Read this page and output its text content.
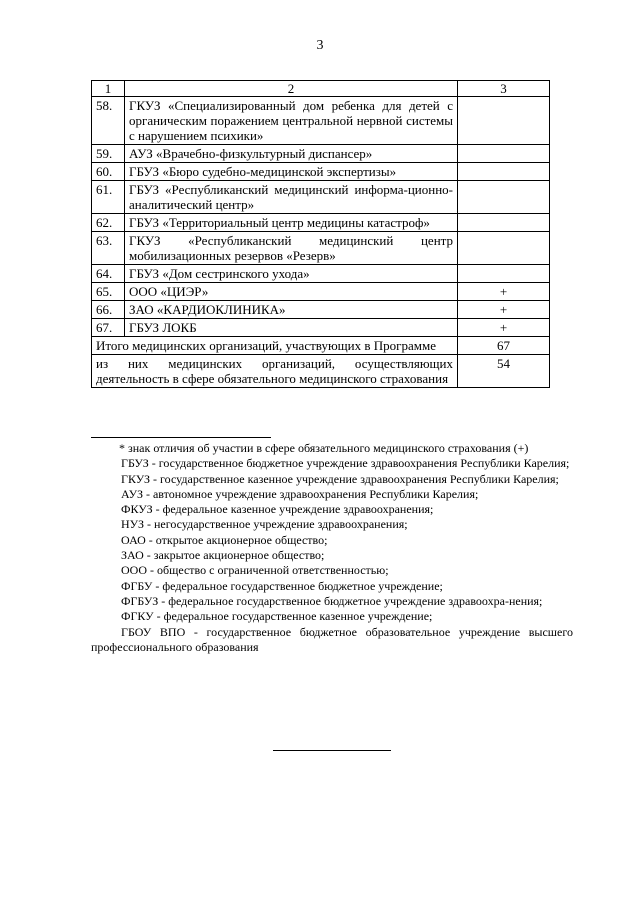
3
1	2	3
58.	ГКУЗ «Специализированный дом ребенка для детей с органическим поражением центральной нервной системы с нарушением психики»	
59.	АУЗ «Врачебно-физкультурный диспансер»	
60.	ГБУЗ «Бюро судебно-медицинской экспертизы»	
61.	ГБУЗ «Республиканский медицинский информа-ционно-аналитический центр»	
62.	ГБУЗ «Территориальный центр медицины катастроф»	
63.	ГКУЗ «Республиканский медицинский центр мобилизационных резервов «Резерв»	
64.	ГБУЗ «Дом сестринского ухода»	
65.	ООО «ЦИЭР»	+
66.	ЗАО «КАРДИОКЛИНИКА»	+
67.	ГБУЗ ЛОКБ	+
Итого медицинских организаций, участвующих в Программе		67
из них медицинских организаций, осуществляющих деятельность в сфере обязательного медицинского страхования		54

* знак отличия об участии в сфере обязательного медицинского страхования (+)

ГБУЗ - государственное бюджетное учреждение здравоохранения Республики Карелия;

ГКУЗ - государственное казенное учреждение здравоохранения Республики Карелия;

АУЗ - автономное учреждение здравоохранения Республики Карелия;

ФКУЗ - федеральное казенное учреждение здравоохранения;

НУЗ - негосударственное учреждение здравоохранения;

ОАО - открытое акционерное общество;

ЗАО - закрытое акционерное общество;

ООО - общество с ограниченной ответственностью;

ФГБУ - федеральное государственное бюджетное учреждение;

ФГБУЗ - федеральное государственное бюджетное учреждение здравоохра-нения;

ФГКУ - федеральное государственное казенное учреждение;

ГБОУ ВПО - государственное бюджетное образовательное учреждение высшего профессионального образования
